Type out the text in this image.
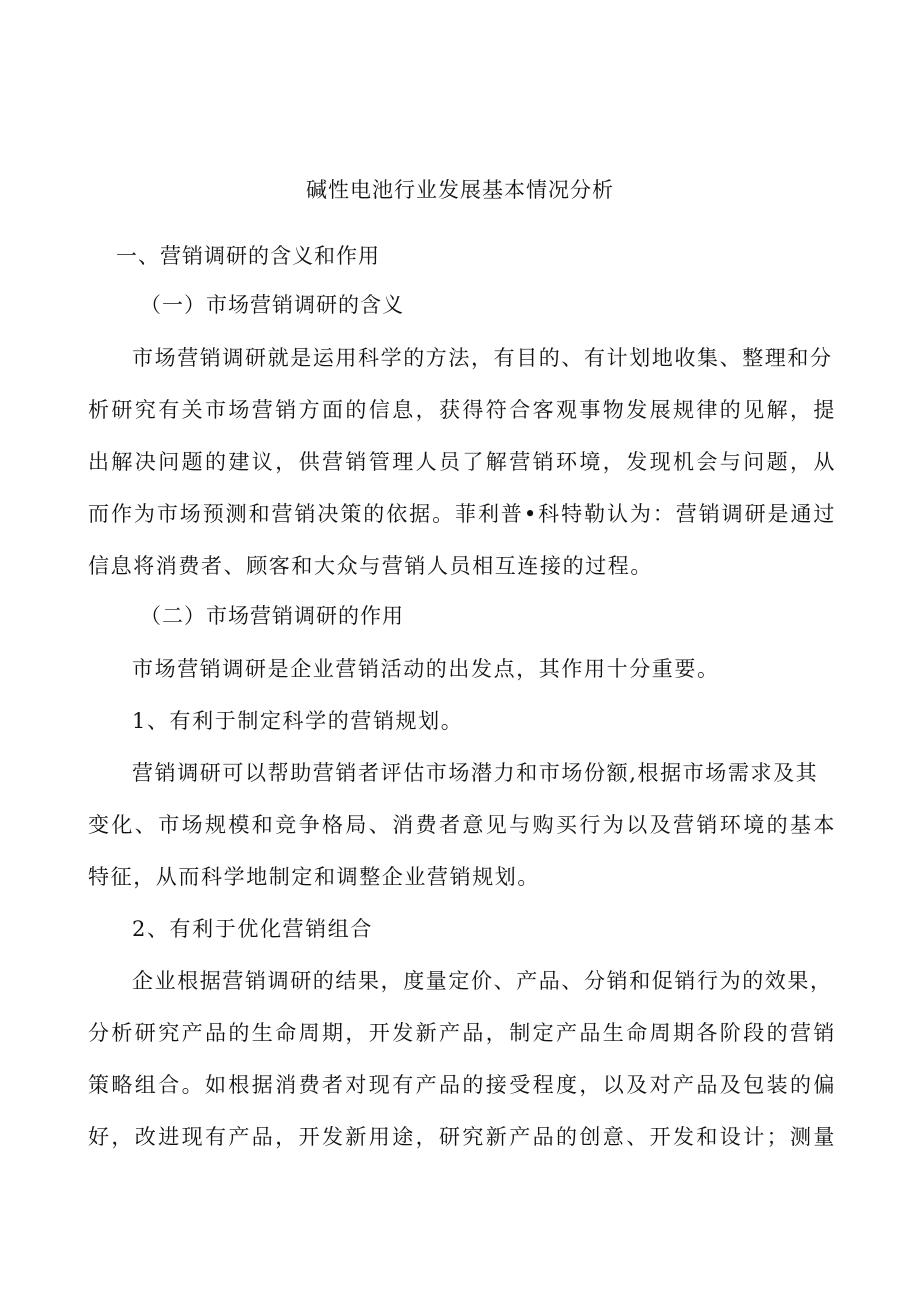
碱性电池行业发展基本情况分析
一、营销调研的含义和作用
（一）市场营销调研的含义
市场营销调研就是运用科学的方法，有目的、有计划地收集、整理和分
析研究有关市场营销方面的信息，获得符合客观事物发展规律的见解，提
出解决问题的建议，供营销管理人员了解营销环境，发现机会与问题，从
而作为市场预测和营销决策的依据。菲利普•科特勒认为：营销调研是通过
信息将消费者、顾客和大众与营销人员相互连接的过程。
（二）市场营销调研的作用
市场营销调研是企业营销活动的出发点，其作用十分重要。
1、有利于制定科学的营销规划。
营销调研可以帮助营销者评估市场潜力和市场份额,根据市场需求及其
变化、市场规模和竞争格局、消费者意见与购买行为以及营销环境的基本
特征，从而科学地制定和调整企业营销规划。
2、有利于优化营销组合
企业根据营销调研的结果，度量定价、产品、分销和促销行为的效果，
分析研究产品的生命周期，开发新产品，制定产品生命周期各阶段的营销
策略组合。如根据消费者对现有产品的接受程度，以及对产品及包装的偏
好，改进现有产品，开发新用途，研究新产品的创意、开发和设计；测量
